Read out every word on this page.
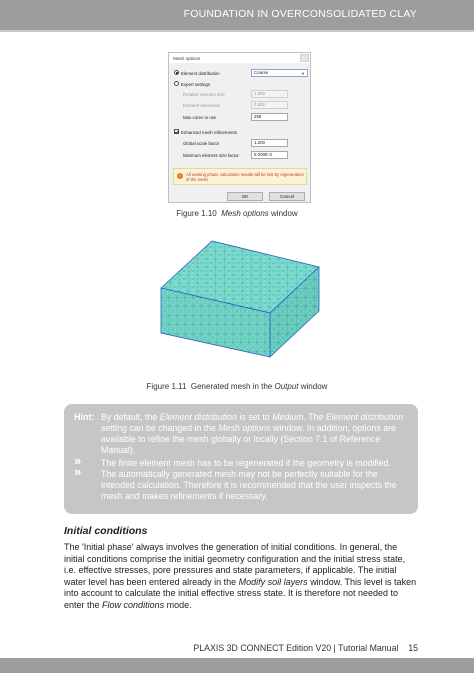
FOUNDATION IN OVERCONSOLIDATED CLAY
Mesh options
Element distribution	Coarse	▼
Expert settings
Relative element size	1.500
Element dimension	8.502
Max cores to use	256
Enhanced mesh refinements
Global scale factor	1.200
Minimum element size factor	5.000E-3
!	All existing phase calculation results will be lost by regeneration of the mesh.
OK	Cancel
Figure 1.10 Mesh options window
Figure 1.11 Generated mesh in the Output window
Hint: By default, the Element distribution is set to Medium. The Element distribution setting can be changed in the Mesh options window. In addition, options are available to refine the mesh globally or locally (Section 7.1 of Reference Manual).

» The finite element mesh has to be regenerated if the geometry is modified.

» The automatically generated mesh may not be perfectly suitable for the intended calculation. Therefore it is recommended that the user inspects the mesh and makes refinements if necessary.

Initial conditions
The 'Initial phase' always involves the generation of initial conditions. In general, the initial conditions comprise the initial geometry configuration and the initial stress state, i.e. effective stresses, pore pressures and state parameters, if applicable. The initial water level has been entered already in the Modify soil layers window. This level is taken into account to calculate the initial effective stress state. It is therefore not needed to enter the Flow conditions mode.
PLAXIS 3D CONNECT Edition V20 | Tutorial Manual 15
